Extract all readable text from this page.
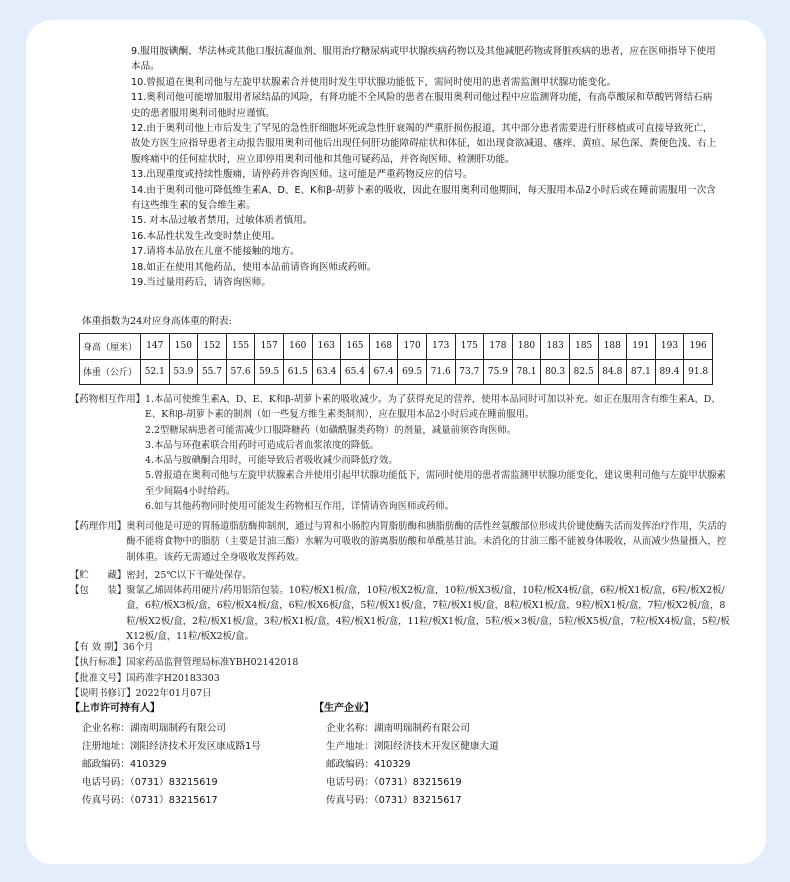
9.服用胺碘酮、华法林或其他口服抗凝血剂、服用治疗糖尿病或甲状腺疾病药物以及其他减肥药物或肾脏疾病的患者，应在医师指导下使用本品。

10.曾报道在奥利司他与左旋甲状腺素合并使用时发生甲状腺功能低下，需同时使用的患者需监测甲状腺功能变化。

11.奥利司他可能增加服用者尿结晶的风险，有肾功能不全风险的患者在服用奥利司他过程中应监测肾功能，有高草酸尿和草酸钙肾结石病史的患者服用奥利司他时应谨慎。

12.由于奥利司他上市后发生了罕见的急性肝细胞坏死或急性肝衰竭的严重肝损伤报道，其中部分患者需要进行肝移植或可直接导致死亡，故处方医生应指导患者主动报告服用奥利司他后出现任何肝功能障碍症状和体征，如出现食欲减退、瘙痒、黄疸、尿色深、粪便色浅、右上腹疼痛中的任何症状时，应立即停用奥利司他和其他可疑药品，并咨询医师、检测肝功能。

13.出现重度或持续性腹痛，请停药并咨询医师。这可能是严重药物反应的信号。

14.由于奥利司他可降低维生素A、D、E、K和β-胡萝卜素的吸收，因此在服用奥利司他期间，每天服用本品2小时后或在睡前需服用一次含有这些维生素的复合维生素。

15. 对本品过敏者禁用，过敏体质者慎用。

16.本品性状发生改变时禁止使用。

17.请将本品放在儿童不能接触的地方。

18.如正在使用其他药品，使用本品前请咨询医师或药师。

19.当过量用药后，请咨询医师。

体重指数为24对应身高体重的附表:
身高（厘米）	147	150	152	155	157	160	163	165	168	170	173	175	178	180	183	185	188	191	193	196
体重（公斤）	52.1	53.9	55.7	57.6	59.5	61.5	63.4	65.4	67.4	69.5	71.6	73.7	75.9	78.1	80.3	82.5	84.8	87.1	89.4	91.8
【药物相互作用】 1.本品可使维生素A、D、E、K和β-胡萝卜素的吸收减少。为了获得充足的营养，使用本品同时可加以补充。如正在服用含有维生素A、D、E、K和β-胡萝卜素的制剂（如一些复方维生素类制剂），应在服用本品2小时后或在睡前服用。
2.2型糖尿病患者可能需减少口服降糖药（如磺酰脲类药物）的剂量，减量前须咨询医师。
3.本品与环孢素联合用药时可造成后者血浆浓度的降低。
4.本品与胺碘酮合用时，可能导致后者吸收减少而降低疗效。
5.曾报道在奥利司他与左旋甲状腺素合并使用引起甲状腺功能低下，需同时使用的患者需监测甲状腺功能变化，建议奥利司他与左旋甲状腺素至少间隔4小时给药。
6.如与其他药物同时使用可能发生药物相互作用，详情请咨询医师或药师。
【药理作用】 奥利司他是可逆的胃肠道脂肪酶抑制剂，通过与胃和小肠腔内胃脂肪酶和胰脂肪酶的活性丝氨酸部位形成共价键使酶失活而发挥治疗作用，失活的酶不能将食物中的脂肪（主要是甘油三酯）水解为可吸收的游离脂肪酸和单酰基甘油。未消化的甘油三酯不能被身体吸收，从而减少热量摄入，控制体重。该药无需通过全身吸收发挥药效。
【贮　　藏】 密封，25℃以下干燥处保存。
【包　　装】 聚氯乙烯固体药用硬片/药用铝箔包装。10粒/板X1板/盒，10粒/板X2板/盒，10粒/板X3板/盒，10粒/板X4板/盒，6粒/板X1板/盒，6粒/板X2板/盒，6粒/板X3板/盒，6粒/板X4板/盒，6粒/板X6板/盒，5粒/板X1板/盒，7粒/板X1板/盒，8粒/板X1板/盒，9粒/板X1板/盒，7粒/板X2板/盒，8粒/板X2板/盒，2粒/板X1板/盒，3粒/板X1板/盒，4粒/板X1板/盒，11粒/板X1板/盒，5粒/板×3板/盒，5粒/板X5板/盒，7粒/板X4板/盒，5粒/板X12板/盒，11粒/板X2板/盒。
【有 效 期】 36个月
【执行标准】 国家药品监督管理局标准YBH02142018
【批准文号】 国药准字H20183303
【说明书修订】 2022年01月07日
【上市许可持有人】
企业名称：湖南明瑞制药有限公司
注册地址：浏阳经济技术开发区康成路1号
邮政编码：410329
电话号码：（0731）83215619
传真号码：（0731）83215617
【生产企业】
企业名称：湖南明瑞制药有限公司
生产地址：浏阳经济技术开发区健康大道
邮政编码：410329
电话号码：（0731）83215619
传真号码：（0731）83215617
